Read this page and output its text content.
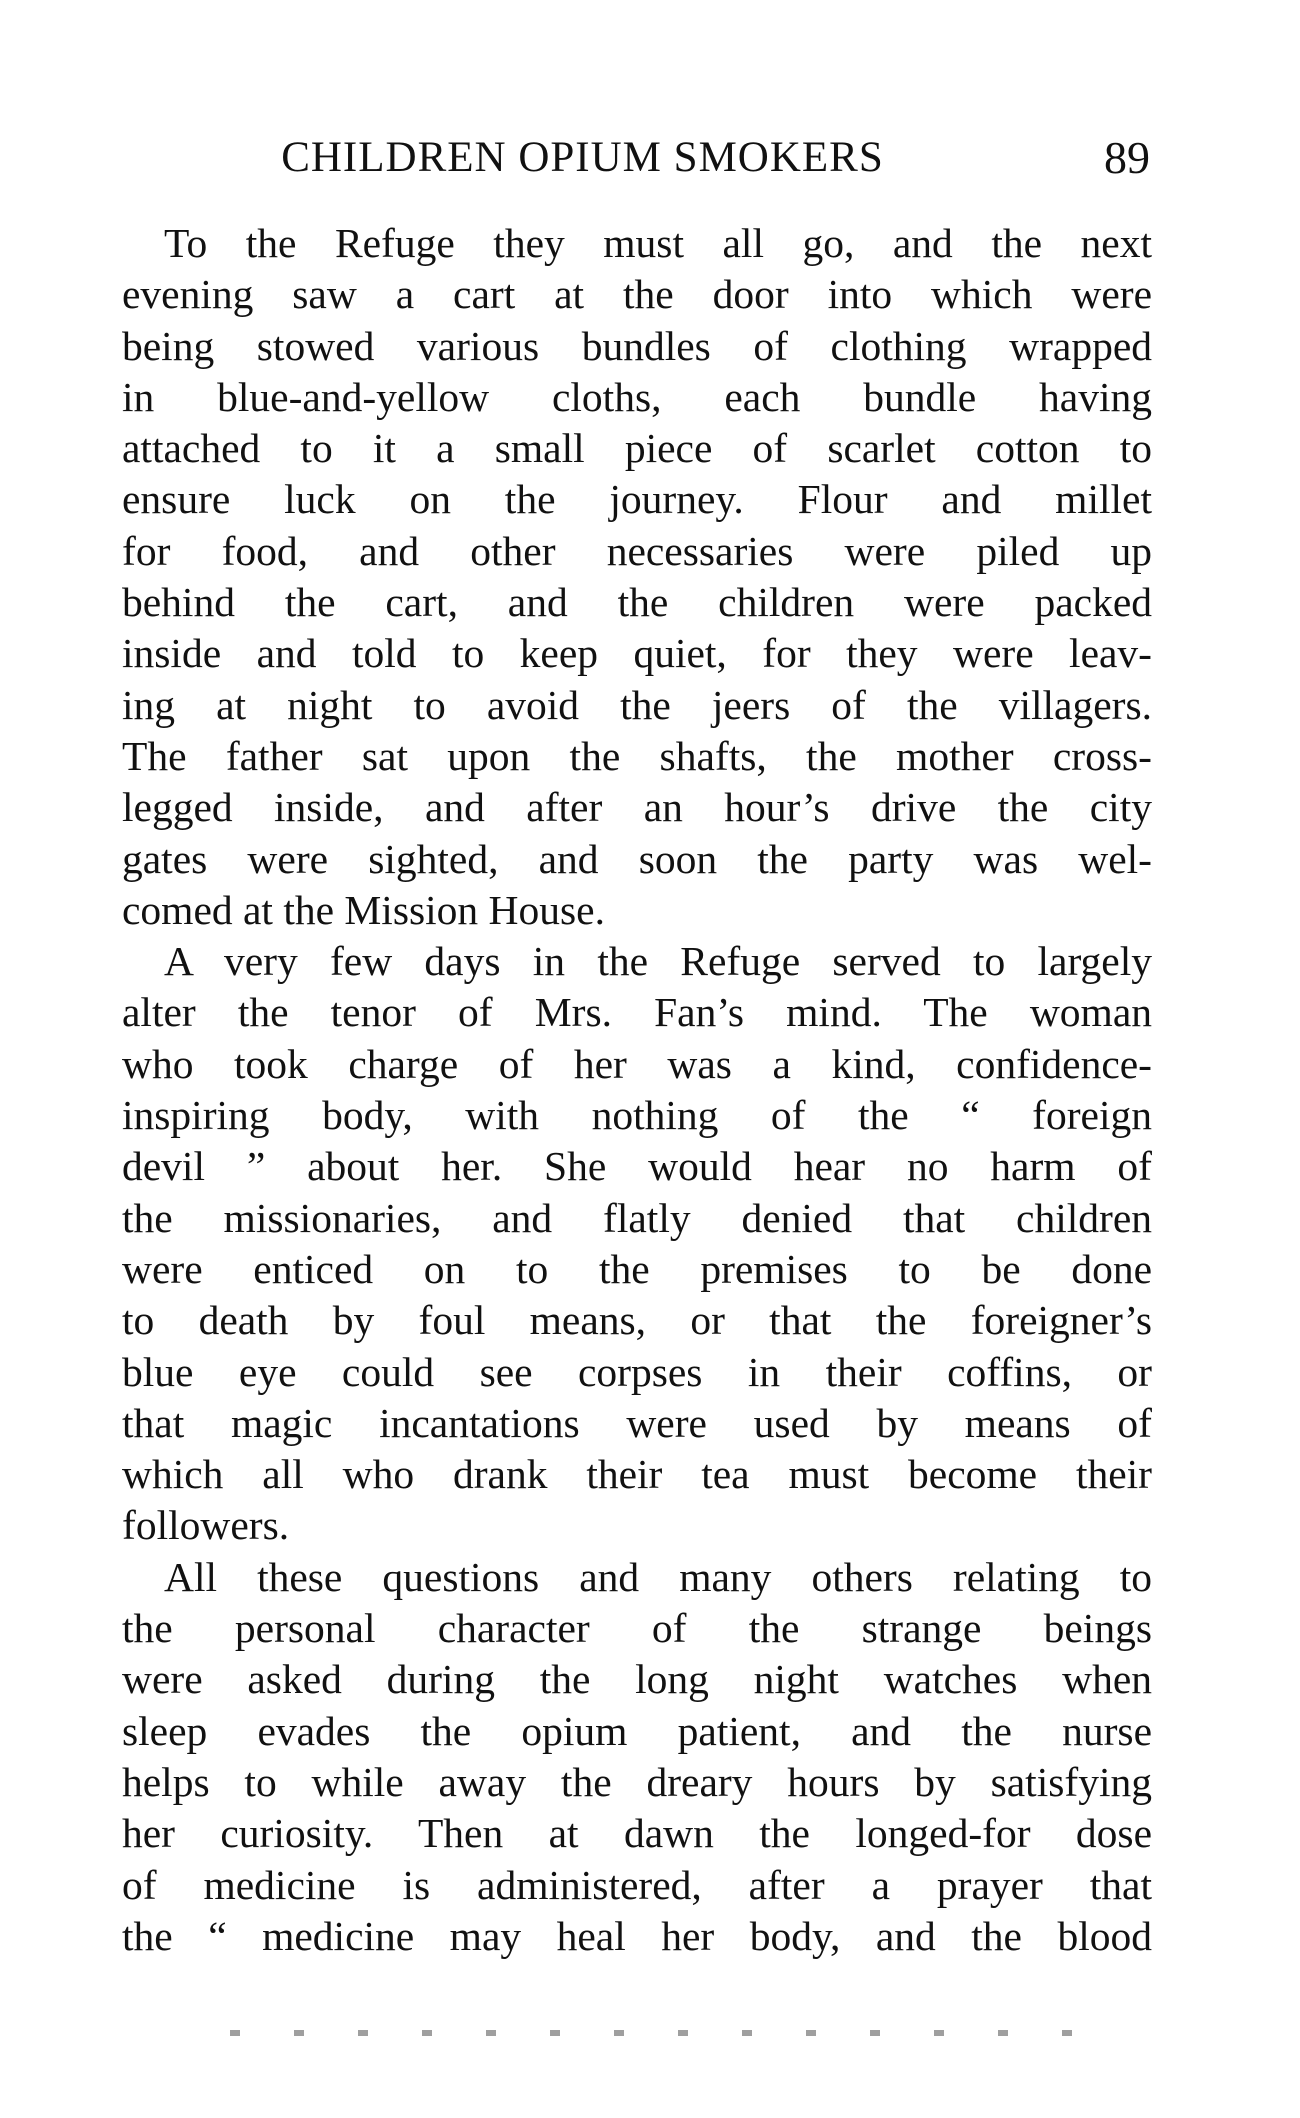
CHILDREN OPIUM SMOKERS	89
To the Refuge they must all go, and the next
evening saw a cart at the door into which were
being stowed various bundles of clothing wrapped
in blue-and-yellow cloths, each bundle having
attached to it a small piece of scarlet cotton to
ensure luck on the journey. Flour and millet
for food, and other necessaries were piled up
behind the cart, and the children were packed
inside and told to keep quiet, for they were leav-
ing at night to avoid the jeers of the villagers.
The father sat upon the shafts, the mother cross-
legged inside, and after an hour’s drive the city
gates were sighted, and soon the party was wel-
comed at the Mission House.
A very few days in the Refuge served to largely
alter the tenor of Mrs. Fan’s mind. The woman
who took charge of her was a kind, confidence-
inspiring body, with nothing of the “ foreign
devil ” about her. She would hear no harm of
the missionaries, and flatly denied that children
were enticed on to the premises to be done
to death by foul means, or that the foreigner’s
blue eye could see corpses in their coffins, or
that magic incantations were used by means of
which all who drank their tea must become their
followers.
All these questions and many others relating to
the personal character of the strange beings
were asked during the long night watches when
sleep evades the opium patient, and the nurse
helps to while away the dreary hours by satisfying
her curiosity. Then at dawn the longed-for dose
of medicine is administered, after a prayer that
the “ medicine may heal her body, and the blood
